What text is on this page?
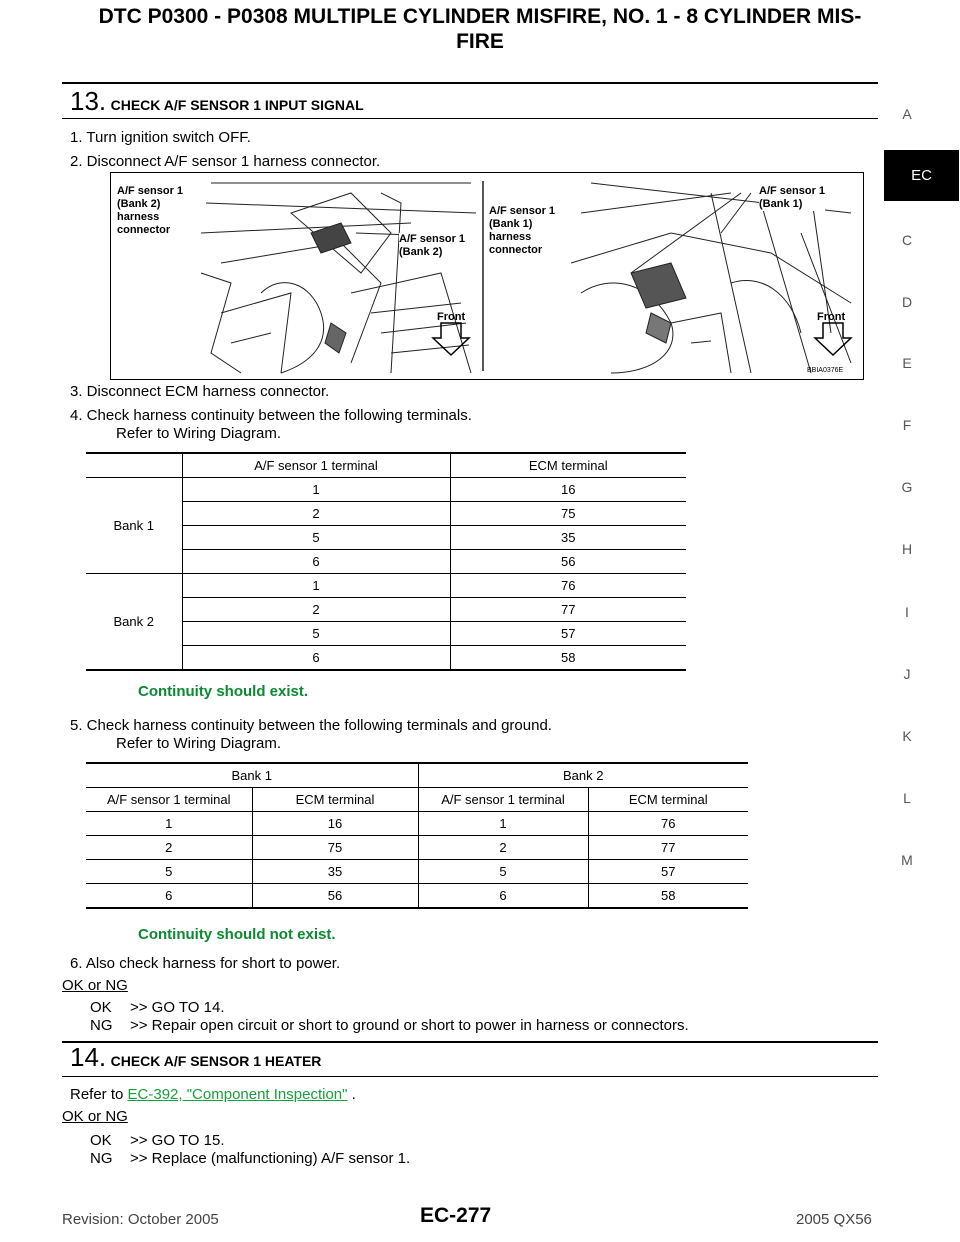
DTC P0300 - P0308 MULTIPLE CYLINDER MISFIRE, NO. 1 - 8 CYLINDER MIS-
FIRE
A
EC
C
D
E
F
G
H
I
J
K
L
M
13. CHECK A/F SENSOR 1 INPUT SIGNAL
1. Turn ignition switch OFF.
2. Disconnect A/F sensor 1 harness connector.
A/F sensor 1
(Bank 2)
harness
connector
A/F sensor 1
(Bank 2)
Front
A/F sensor 1
(Bank 1)
harness
connector
A/F sensor 1
(Bank 1)
Front
BBIA0376E
3. Disconnect ECM harness connector.
4. Check harness continuity between the following terminals.
Refer to Wiring Diagram.
	A/F sensor 1 terminal	ECM terminal
Bank 1	1	16
	2	75
	5	35
	6	56
Bank 2	1	76
	2	77
	5	57
	6	58
Continuity should exist.
5. Check harness continuity between the following terminals and ground.
Refer to Wiring Diagram.
Bank 1		Bank 2	
A/F sensor 1 terminal	ECM terminal	A/F sensor 1 terminal	ECM terminal
1	16	1	76
2	75	2	77
5	35	5	57
6	56	6	58
Continuity should not exist.
6. Also check harness for short to power.
OK or NG
OK	>> GO TO 14.
NG	>> Repair open circuit or short to ground or short to power in harness or connectors.
14. CHECK A/F SENSOR 1 HEATER
Refer to EC-392, "Component Inspection" .
OK or NG
OK	>> GO TO 15.
NG	>> Replace (malfunctioning) A/F sensor 1.
Revision: October 2005	EC-277	2005 QX56
